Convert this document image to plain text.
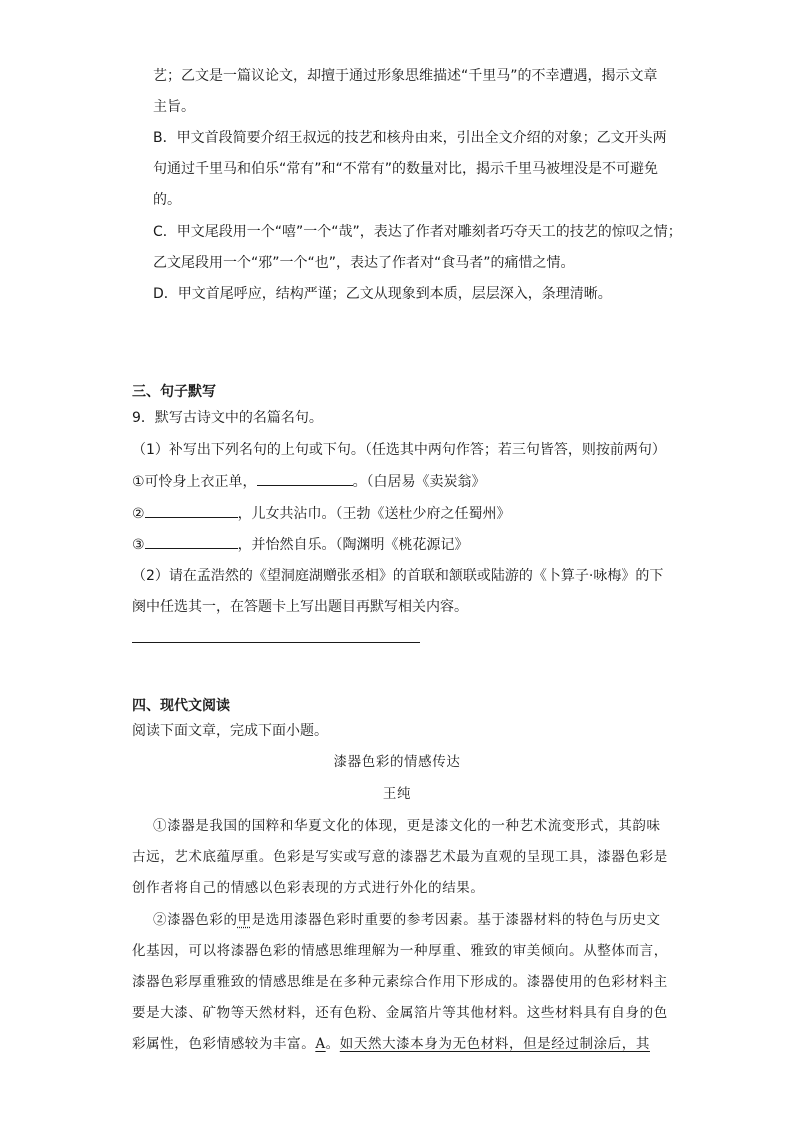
艺；乙文是一篇议论文，却擅于通过形象思维描述“千里马”的不幸遭遇，揭示文章
主旨。
B．甲文首段简要介绍王叔远的技艺和核舟由来，引出全文介绍的对象；乙文开头两
句通过千里马和伯乐“常有”和“不常有”的数量对比，揭示千里马被埋没是不可避免
的。
C．甲文尾段用一个“嘻”一个“哉”，表达了作者对雕刻者巧夺天工的技艺的惊叹之情；
乙文尾段用一个“邪”一个“也”，表达了作者对“食马者”的痛惜之情。
D．甲文首尾呼应，结构严谨；乙文从现象到本质，层层深入，条理清晰。
三、句子默写
9．默写古诗文中的名篇名句。
（1）补写出下列名句的上句或下句。（任选其中两句作答；若三句皆答，则按前两句）
①可怜身上衣正单，	。（白居易《卖炭翁》
②	，儿女共沾巾。（王勃《送杜少府之任蜀州》
③	，并怡然自乐。（陶渊明《桃花源记》
（2）请在孟浩然的《望洞庭湖赠张丞相》的首联和颔联或陆游的《卜算子·咏梅》的下
阕中任选其一，在答题卡上写出题目再默写相关内容。
四、现代文阅读
阅读下面文章，完成下面小题。
漆器色彩的情感传达
王纯
①漆器是我国的国粹和华夏文化的体现，更是漆文化的一种艺术流变形式，其韵味
古远，艺术底蕴厚重。色彩是写实或写意的漆器艺术最为直观的呈现工具，漆器色彩是
创作者将自己的情感以色彩表现的方式进行外化的结果。
②漆器色彩的甲是选用漆器色彩时重要的参考因素。基于漆器材料的特色与历史文
化基因，可以将漆器色彩的情感思维理解为一种厚重、雅致的审美倾向。从整体而言，
漆器色彩厚重雅致的情感思维是在多种元素综合作用下形成的。漆器使用的色彩材料主
要是大漆、矿物等天然材料，还有色粉、金属箔片等其他材料。这些材料具有自身的色
彩属性，色彩情感较为丰富。A。如天然大漆本身为无色材料，但是经过制涂后，其
